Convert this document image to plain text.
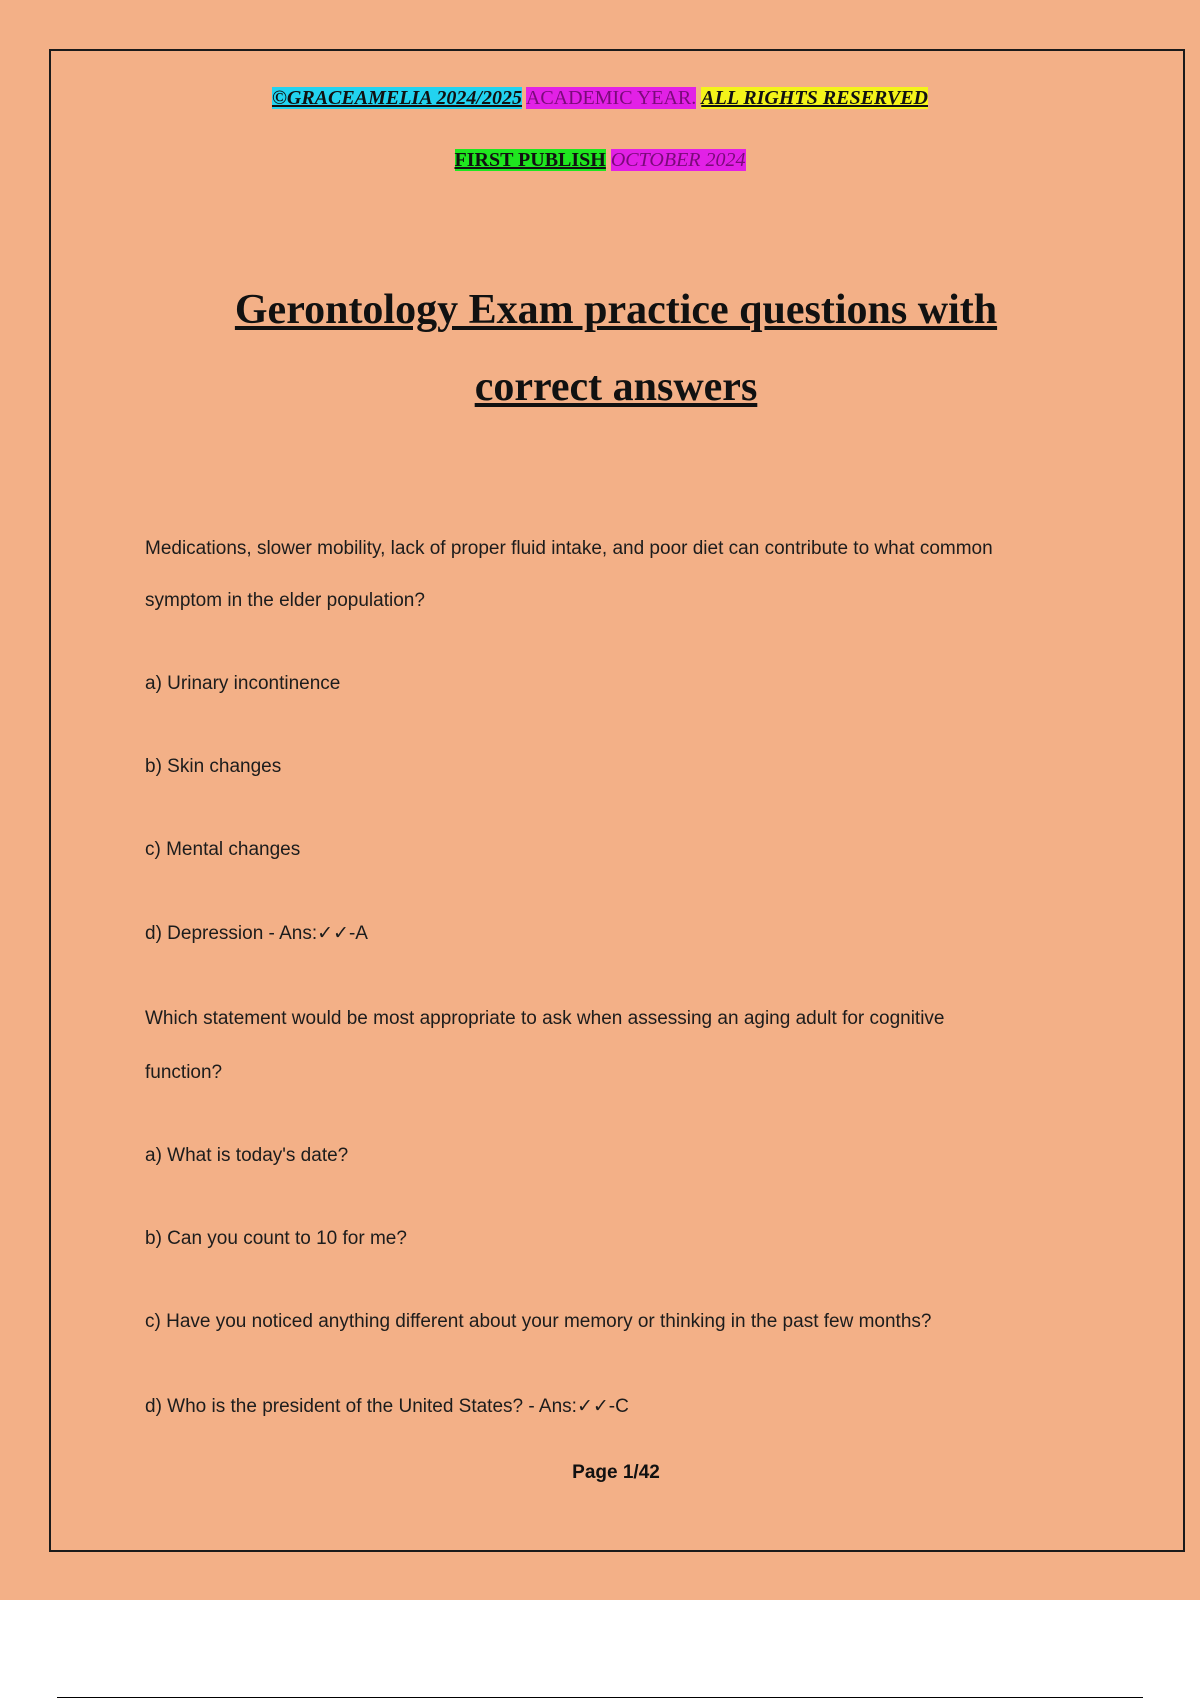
©GRACEAMELIA 2024/2025 ACADEMIC YEAR. ALL RIGHTS RESERVED
FIRST PUBLISH OCTOBER 2024
Gerontology Exam practice questions with
correct answers
Medications, slower mobility, lack of proper fluid intake, and poor diet can contribute to what common
symptom in the elder population?
a) Urinary incontinence
b) Skin changes
c) Mental changes
d) Depression - Ans:✓✓-A
Which statement would be most appropriate to ask when assessing an aging adult for cognitive
function?
a) What is today's date?
b) Can you count to 10 for me?
c) Have you noticed anything different about your memory or thinking in the past few months?
d) Who is the president of the United States? - Ans:✓✓-C
Page 1/42
